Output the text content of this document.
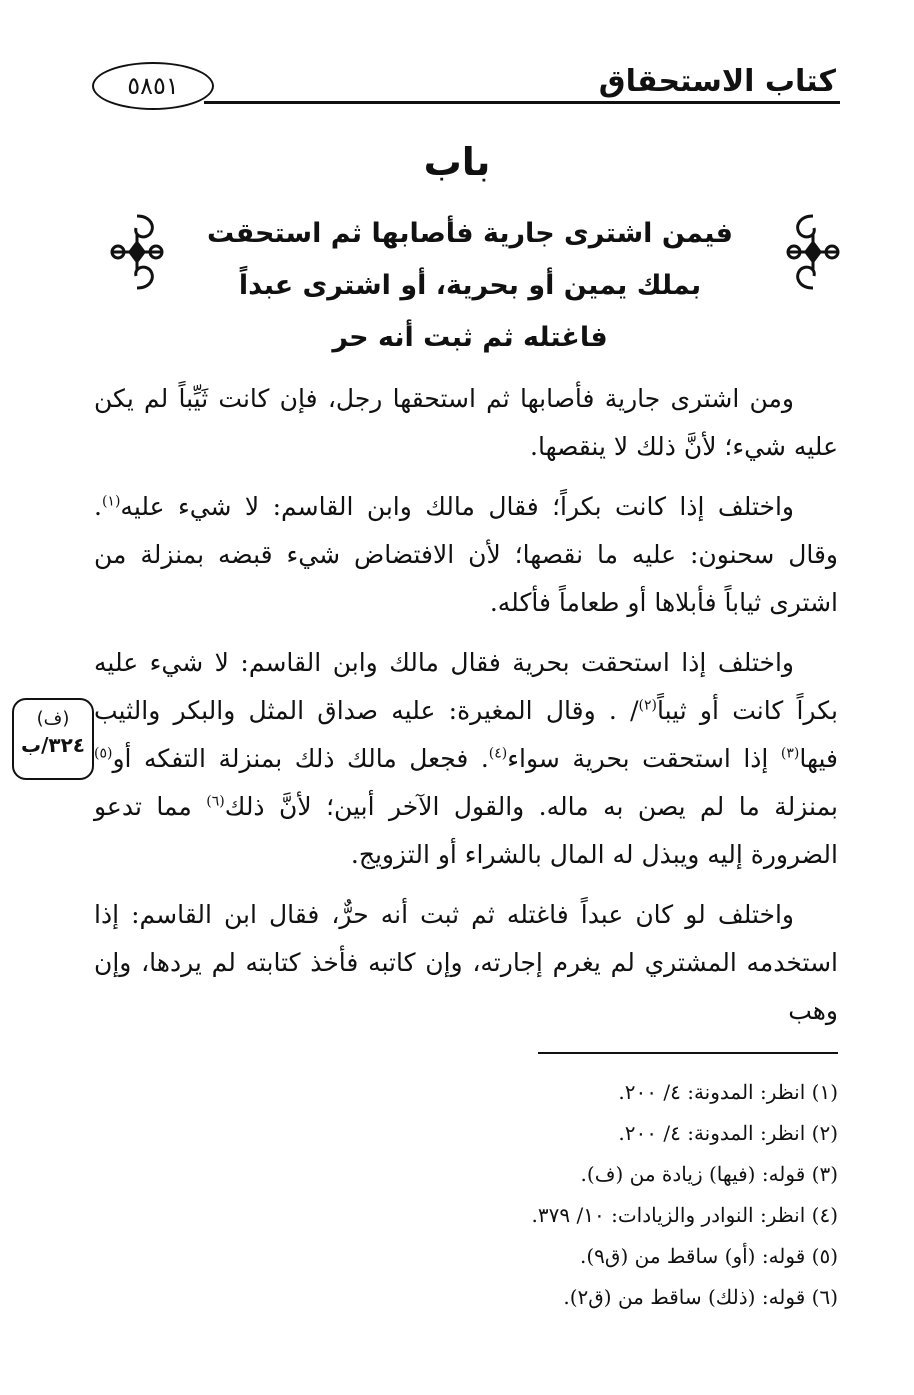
٥٨٥١	كتاب الاستحقاق
باب
فيمن اشترى جارية فأصابها ثم استحقت
بملك يمين أو بحرية، أو اشترى عبداً
فاغتله ثم ثبت أنه حر

ومن اشترى جارية فأصابها ثم استحقها رجل، فإن كانت ثَيِّباً لم يكن عليه شيء؛ لأنَّ ذلك لا ينقصها.

واختلف إذا كانت بكراً؛ فقال مالك وابن القاسم: لا شيء عليه$^{(١)}$. وقال سحنون: عليه ما نقصها؛ لأن الافتضاض شيء قبضه بمنزلة من اشترى ثياباً فأبلاها أو طعاماً فأكله.

واختلف إذا استحقت بحرية فقال مالك وابن القاسم: لا شيء عليه بكراً كانت أو ثيباً$^{(٢)}$/ . وقال المغيرة: عليه صداق المثل والبكر والثيب فيها$^{(٣)}$ إذا استحقت بحرية سواء$^{(٤)}$. فجعل مالك ذلك بمنزلة التفكه أو$^{(٥)}$ بمنزلة ما لم يصن به ماله. والقول الآخر أبين؛ لأنَّ ذلك$^{(٦)}$ مما تدعو الضرورة إليه ويبذل له المال بالشراء أو التزويج.

واختلف لو كان عبداً فاغتله ثم ثبت أنه حرٌّ، فقال ابن القاسم: إذا استخدمه المشتري لم يغرم إجارته، وإن كاتبه فأخذ كتابته لم يردها، وإن وهب

(ف)
٣٢٤/ب
(١) انظر: المدونة: ٤/ ٢٠٠.
(٢) انظر: المدونة: ٤/ ٢٠٠.
(٣) قوله: (فيها) زيادة من (ف).
(٤) انظر: النوادر والزيادات: ١٠/ ٣٧٩.
(٥) قوله: (أو) ساقط من (ق٩).
(٦) قوله: (ذلك) ساقط من (ق٢).
